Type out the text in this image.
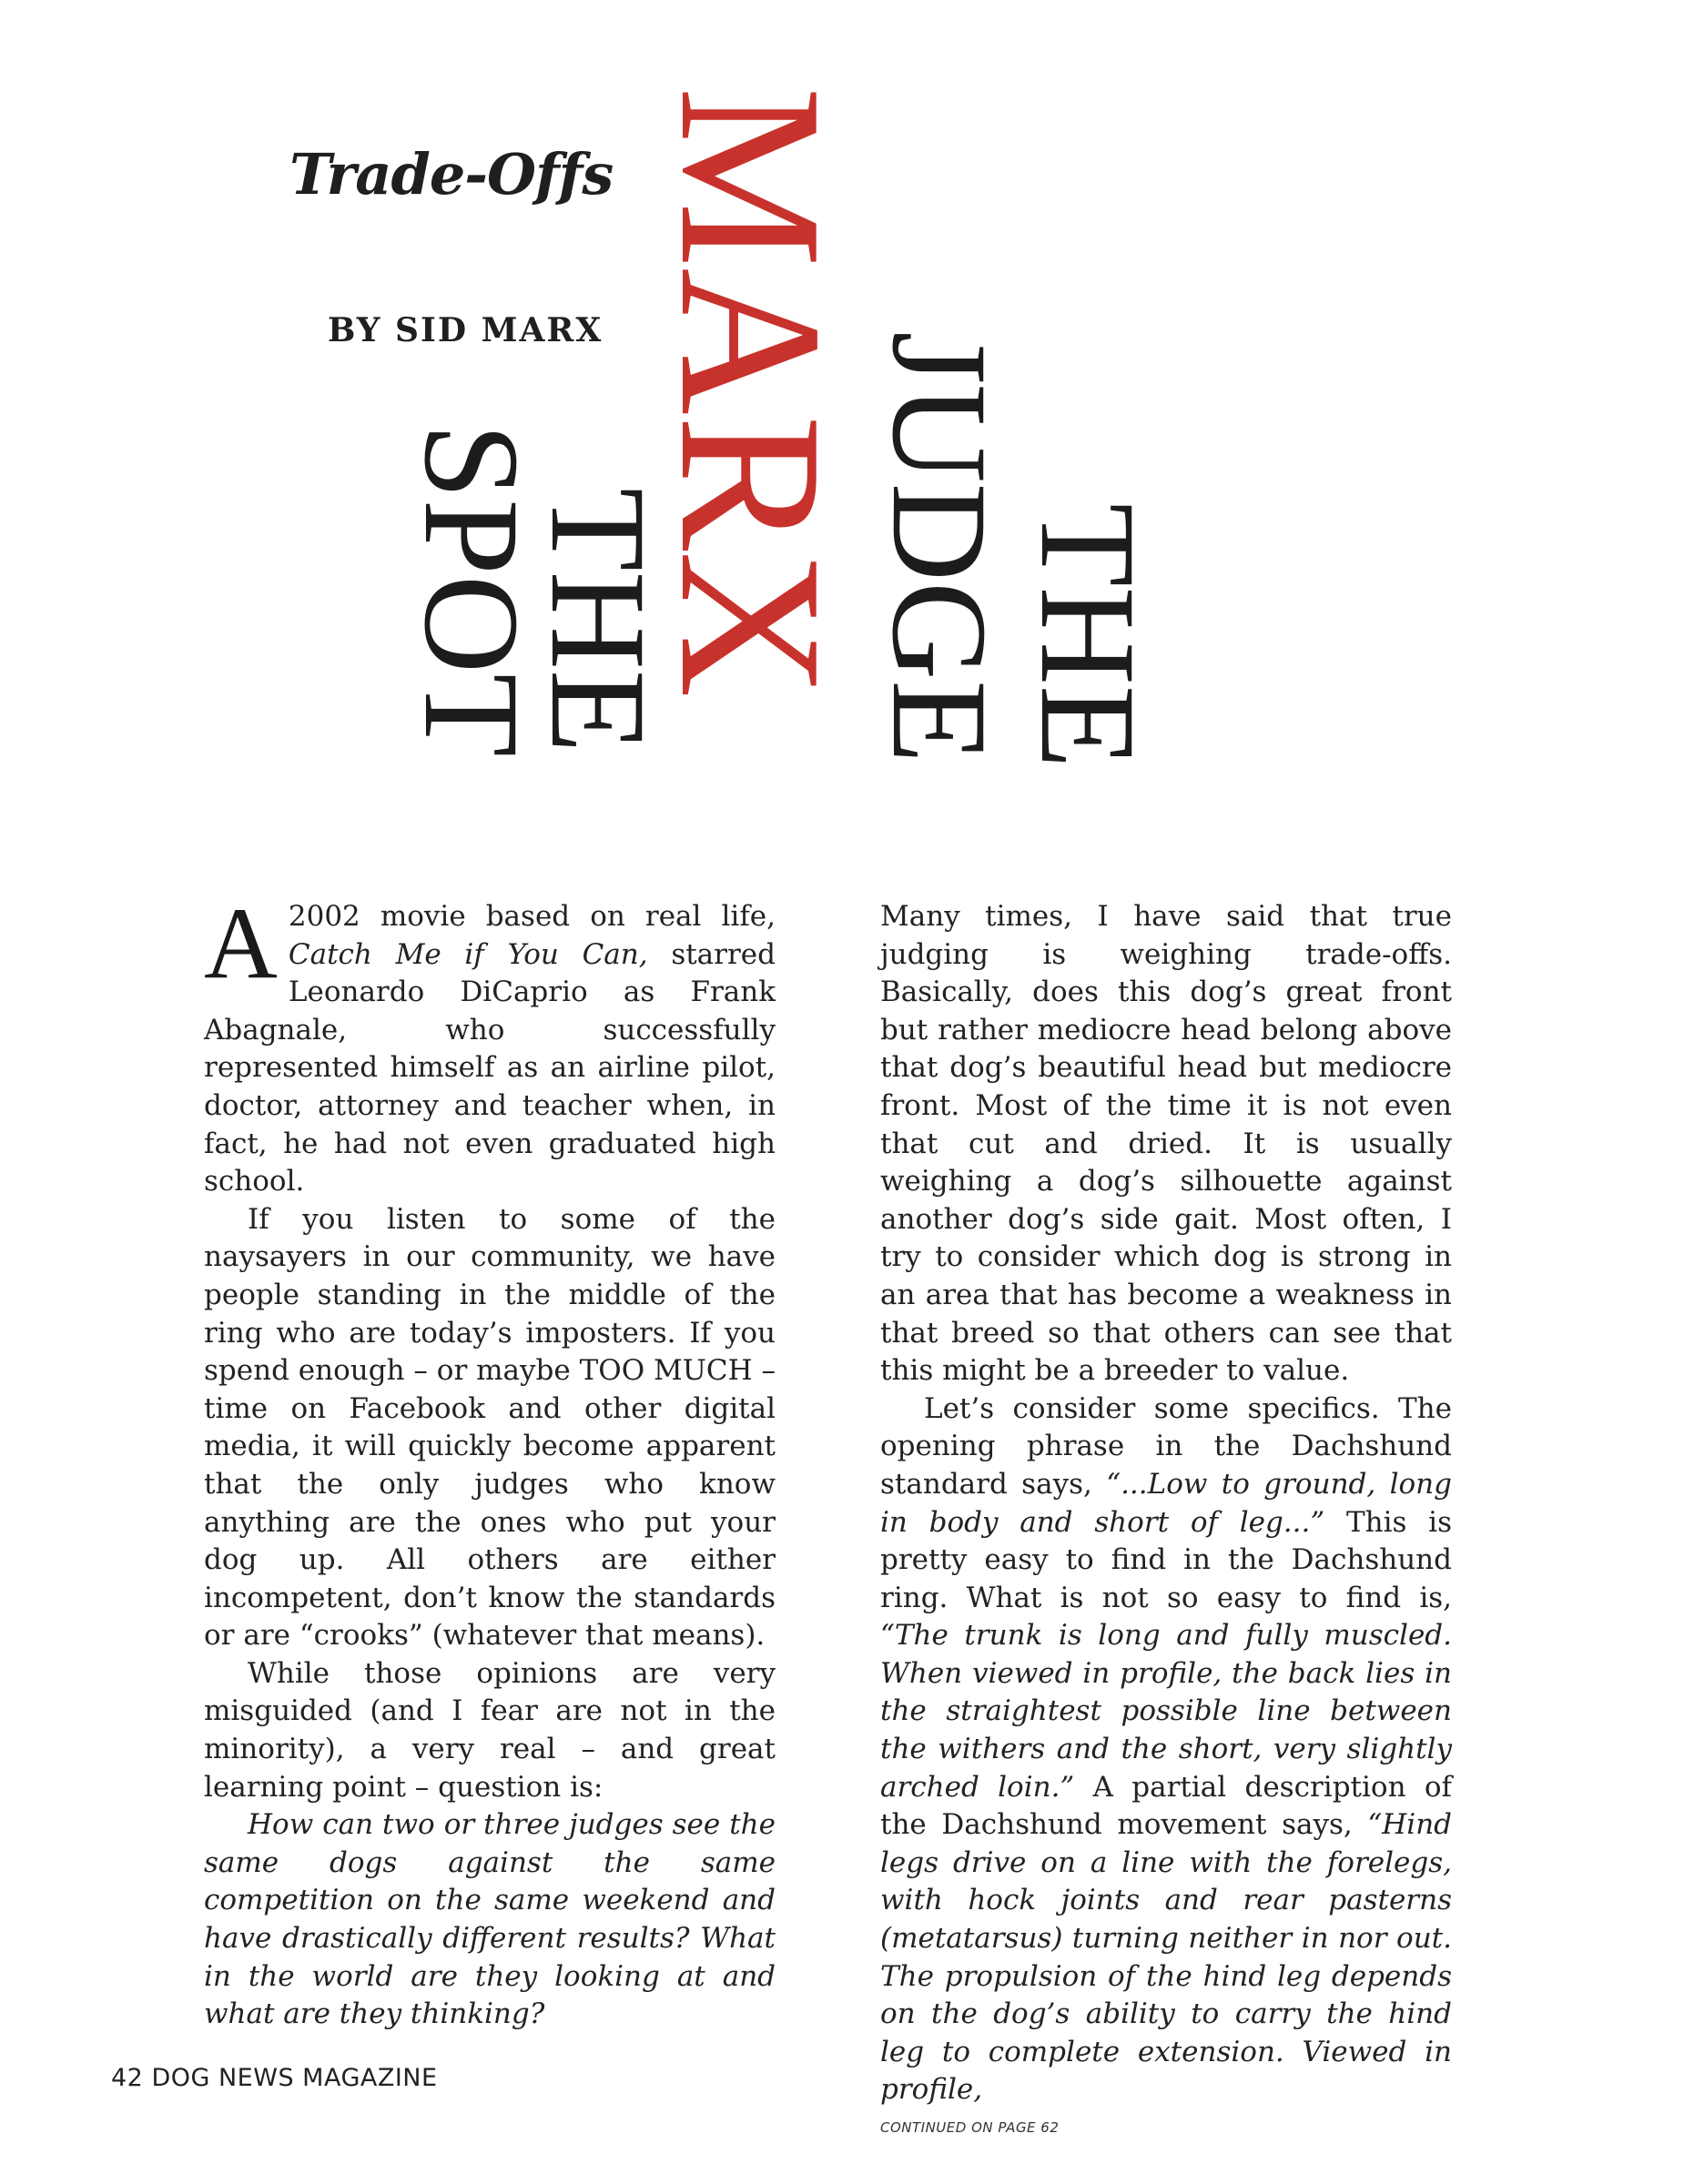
Trade-Offs
BY SID MARX
THE
JUDGE
MARX
THE
SPOT

A 2002 movie based on real life, Catch Me if You Can, starred Leonardo DiCaprio as Frank Abagnale, who successfully represented himself as an airline pilot, doctor, attorney and teacher when, in fact, he had not even graduated high school.

If you listen to some of the naysayers in our community, we have people standing in the middle of the ring who are today’s imposters. If you spend enough – or maybe TOO MUCH – time on Facebook and other digital media, it will quickly become apparent that the only judges who know anything are the ones who put your dog up. All others are either incompetent, don’t know the standards or are “crooks” (whatever that means).

While those opinions are very misguided (and I fear are not in the minority), a very real – and great learning point – question is:

How can two or three judges see the same dogs against the same competition on the same weekend and have drastically different results? What in the world are they looking at and what are they thinking?

Many times, I have said that true judging is weighing trade-offs. Basically, does this dog’s great front but rather mediocre head belong above that dog’s beautiful head but mediocre front. Most of the time it is not even that cut and dried. It is usually weighing a dog’s silhouette against another dog’s side gait. Most often, I try to consider which dog is strong in an area that has become a weakness in that breed so that others can see that this might be a breeder to value.

Let’s consider some specifics. The opening phrase in the Dachshund standard says, “...Low to ground, long in body and short of leg...” This is pretty easy to find in the Dachshund ring. What is not so easy to find is, “The trunk is long and fully muscled. When viewed in profile, the back lies in the straightest possible line between the withers and the short, very slightly arched loin.” A partial description of the Dachshund movement says, “Hind legs drive on a line with the forelegs, with hock joints and rear pasterns (metatarsus) turning neither in nor out. The propulsion of the hind leg depends on the dog’s ability to carry the hind leg to complete extension. Viewed in profile,

CONTINUED ON PAGE 62

42 DOG NEWS MAGAZINE
